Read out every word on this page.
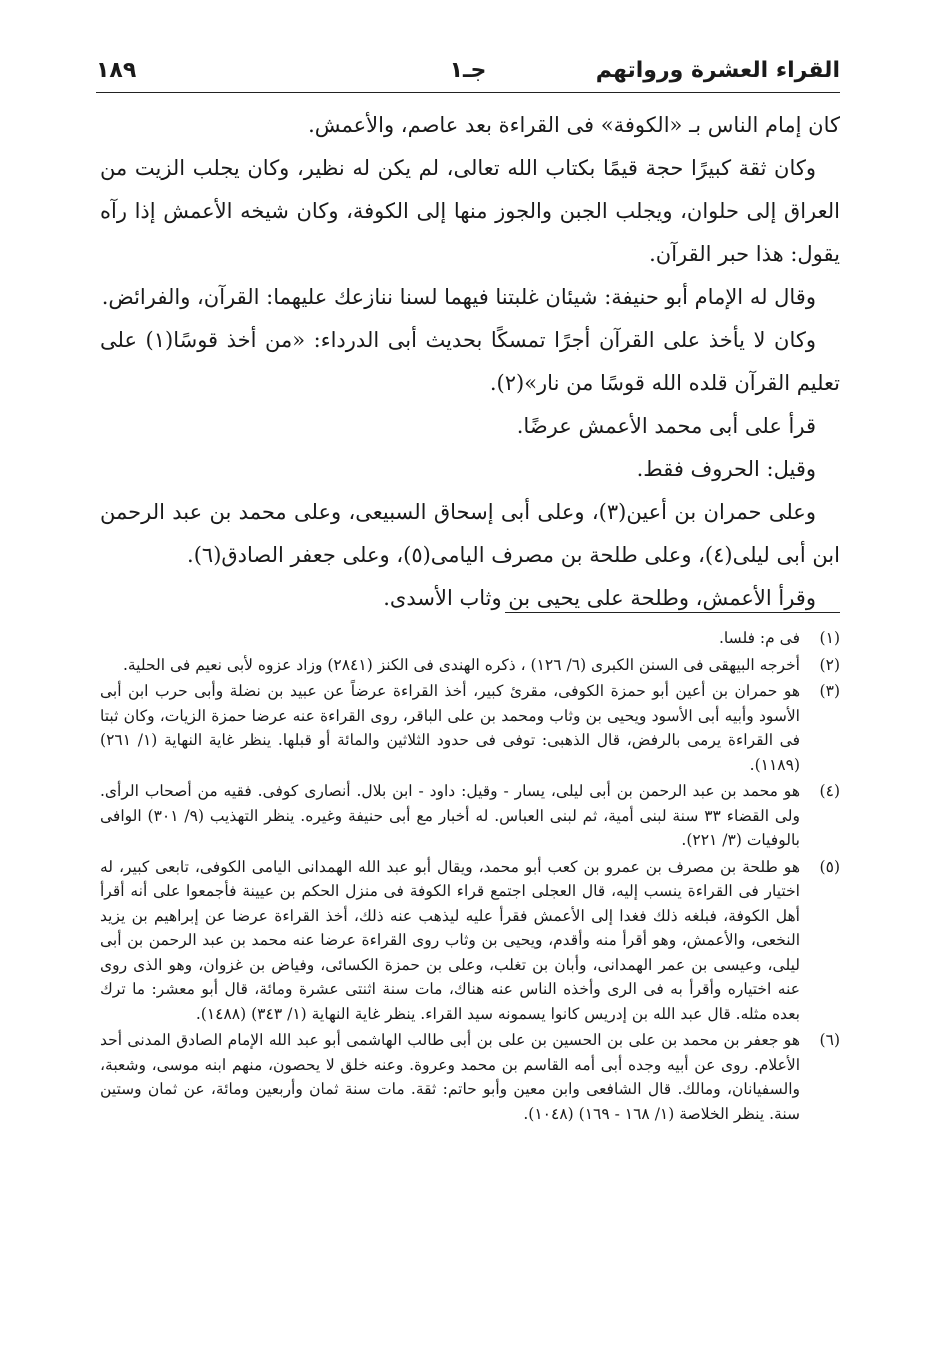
القراء العشرة ورواتهم
جـ١
١٨٩

كان إمام الناس بـ «الكوفة» فى القراءة بعد عاصم، والأعمش.

وكان ثقة كبيرًا حجة قيمًا بكتاب الله تعالى، لم يكن له نظير، وكان يجلب الزيت من العراق إلى حلوان، ويجلب الجبن والجوز منها إلى الكوفة، وكان شيخه الأعمش إذا رآه يقول: هذا حبر القرآن.

وقال له الإمام أبو حنيفة: شيئان غلبتنا فيهما لسنا ننازعك عليهما: القرآن، والفرائض.

وكان لا يأخذ على القرآن أجرًا تمسكًا بحديث أبى الدرداء: «من أخذ قوسًا(١) على تعليم القرآن قلده الله قوسًا من نار»(٢).

قرأ على أبى محمد الأعمش عرضًا.

وقيل: الحروف فقط.

وعلى حمران بن أعين(٣)، وعلى أبى إسحاق السبيعى، وعلى محمد بن عبد الرحمن ابن أبى ليلى(٤)، وعلى طلحة بن مصرف اليامى(٥)، وعلى جعفر الصادق(٦).

وقرأ الأعمش، وطلحة على يحيى بن وثاب الأسدى.

(١)
فى م: فلسا.
(٢)
أخرجه البيهقى فى السنن الكبرى (٦/ ١٢٦) ، ذكره الهندى فى الكنز (٢٨٤١) وزاد عزوه لأبى نعيم فى الحلية.
(٣)
هو حمران بن أعين أبو حمزة الكوفى، مقرئ كبير، أخذ القراءة عرضاً عن عبيد بن نضلة وأبى حرب ابن أبى الأسود وأبيه أبى الأسود ويحيى بن وثاب ومحمد بن على الباقر، روى القراءة عنه عرضا حمزة الزيات، وكان ثبتا فى القراءة يرمى بالرفض، قال الذهبى: توفى فى حدود الثلاثين والمائة أو قبلها. ينظر غاية النهاية (١/ ٢٦١) (١١٨٩).
(٤)
هو محمد بن عبد الرحمن بن أبى ليلى، يسار - وقيل: داود - ابن بلال. أنصارى كوفى. فقيه من أصحاب الرأى. ولى القضاء ٣٣ سنة لبنى أمية، ثم لبنى العباس. له أخبار مع أبى حنيفة وغيره. ينظر التهذيب (٩/ ٣٠١) الوافى بالوفيات (٣/ ٢٢١).
(٥)
هو طلحة بن مصرف بن عمرو بن كعب أبو محمد، ويقال أبو عبد الله الهمدانى اليامى الكوفى، تابعى كبير، له اختيار فى القراءة ينسب إليه، قال العجلى اجتمع قراء الكوفة فى منزل الحكم بن عيينة فأجمعوا على أنه أقرأ أهل الكوفة، فبلغه ذلك فغدا إلى الأعمش فقرأ عليه ليذهب عنه ذلك، أخذ القراءة عرضا عن إبراهيم بن يزيد النخعى، والأعمش، وهو أقرأ منه وأقدم، ويحيى بن وثاب روى القراءة عرضا عنه محمد بن عبد الرحمن بن أبى ليلى، وعيسى بن عمر الهمدانى، وأبان بن تغلب، وعلى بن حمزة الكسائى، وفياض بن غزوان، وهو الذى روى عنه اختياره وأقرأ به فى الرى وأخذه الناس عنه هناك، مات سنة اثنتى عشرة ومائة، قال أبو معشر: ما ترك بعده مثله. قال عبد الله بن إدريس كانوا يسمونه سيد القراء. ينظر غاية النهاية (١/ ٣٤٣) (١٤٨٨).
(٦)
هو جعفر بن محمد بن على بن الحسين بن على بن أبى طالب الهاشمى أبو عبد الله الإمام الصادق المدنى أحد الأعلام. روى عن أبيه وجده أبى أمه القاسم بن محمد وعروة. وعنه خلق لا يحصون، منهم ابنه موسى، وشعبة، والسفيانان، ومالك. قال الشافعى وابن معين وأبو حاتم: ثقة. مات سنة ثمان وأربعين ومائة، عن ثمان وستين سنة. ينظر الخلاصة (١/ ١٦٨ - ١٦٩) (١٠٤٨).
